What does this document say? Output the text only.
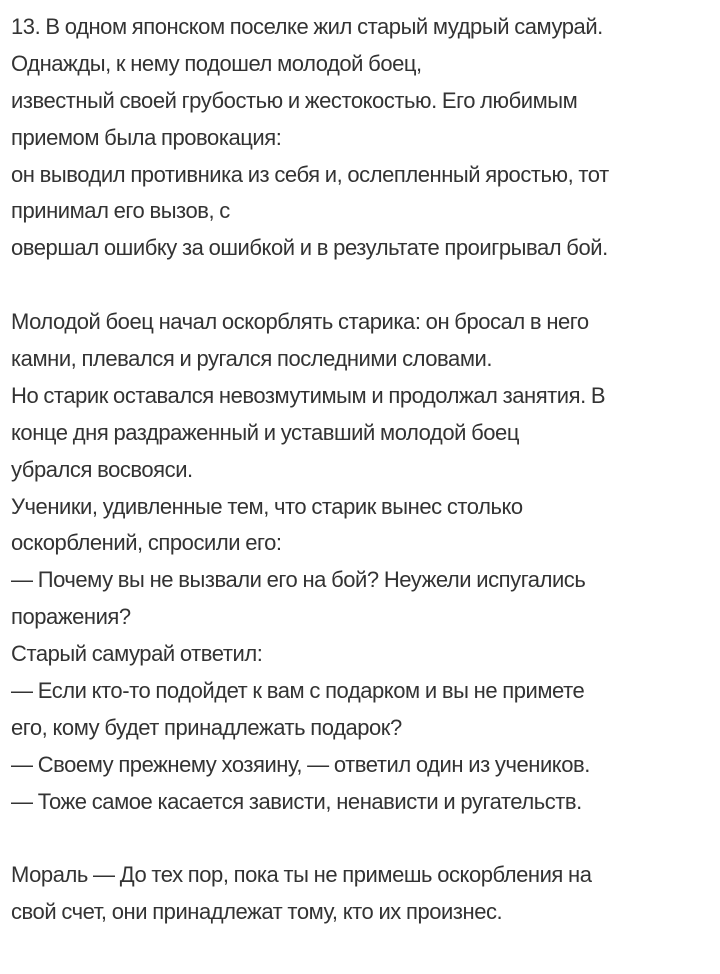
13. В одном японском поселке жил старый мудрый самурай.
Однажды, к нему подошел молодой боец,
известный своей грубостью и жестокостью. Его любимым
приемом была провокация:
он выводил противника из себя и, ослепленный яростью, тот
принимал его вызов, с
овершал ошибку за ошибкой и в результате проигрывал бой.
Молодой боец начал оскорблять старика: он бросал в него
камни, плевался и ругался последними словами.
Но старик оставался невозмутимым и продолжал занятия. В
конце дня раздраженный и уставший молодой боец
убрался восвояси.
Ученики, удивленные тем, что старик вынес столько
оскорблений, спросили его:
— Почему вы не вызвали его на бой? Неужели испугались
поражения?
Старый самурай ответил:
— Если кто-то подойдет к вам с подарком и вы не примете
его, кому будет принадлежать подарок?
— Своему прежнему хозяину, — ответил один из учеников.
— Тоже самое касается зависти, ненависти и ругательств.
Мораль — До тех пор, пока ты не примешь оскорбления на
свой счет, они принадлежат тому, кто их произнес.
